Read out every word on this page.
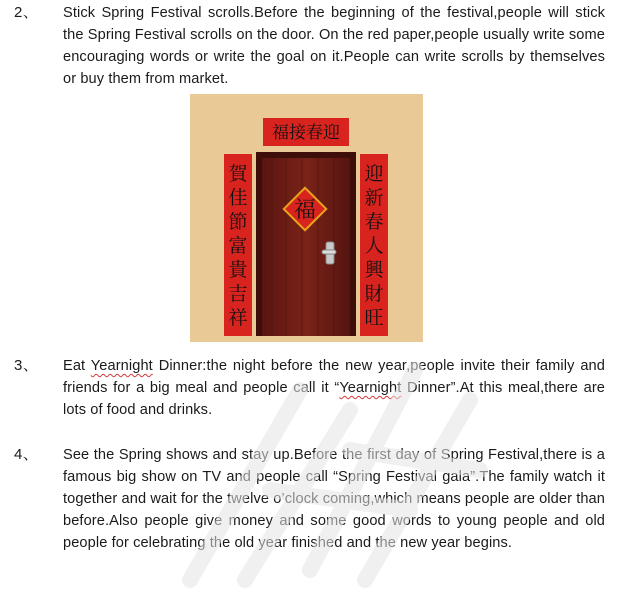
2、 Stick Spring Festival scrolls.Before the beginning of the festival,people will stick the Spring Festival scrolls on the door. On the red paper,people usually write some encouraging words or write the goal on it.People can write scrolls by themselves or buy them from market.

福接春迎
福
賀
佳
節
富
貴
吉
祥
迎
新
春
人
興
財
旺
3、 Eat Yearnight Dinner:the night before the new year,people invite their family and friends for a big meal and people call it “Yearnight Dinner”.At this meal,there are lots of food and drinks.

4、 See the Spring shows and stay up.Before the first day of Spring Festival,there is a famous big show on TV and people call “Spring Festival gala”.The family watch it together and wait for the twelve o’clock coming,which means people are older than before.Also people give money and some good words to young people and old people for celebrating the old year finished and the new year begins.
